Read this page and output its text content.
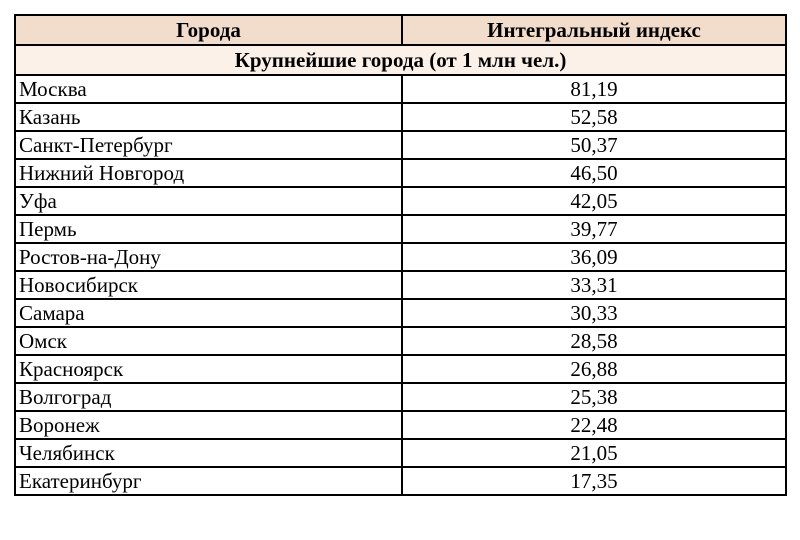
Города	Интегральный индекс
Крупнейшие города (от 1 млн чел.)	
Москва	81,19
Казань	52,58
Санкт-Петербург	50,37
Нижний Новгород	46,50
Уфа	42,05
Пермь	39,77
Ростов-на-Дону	36,09
Новосибирск	33,31
Самара	30,33
Омск	28,58
Красноярск	26,88
Волгоград	25,38
Воронеж	22,48
Челябинск	21,05
Екатеринбург	17,35
